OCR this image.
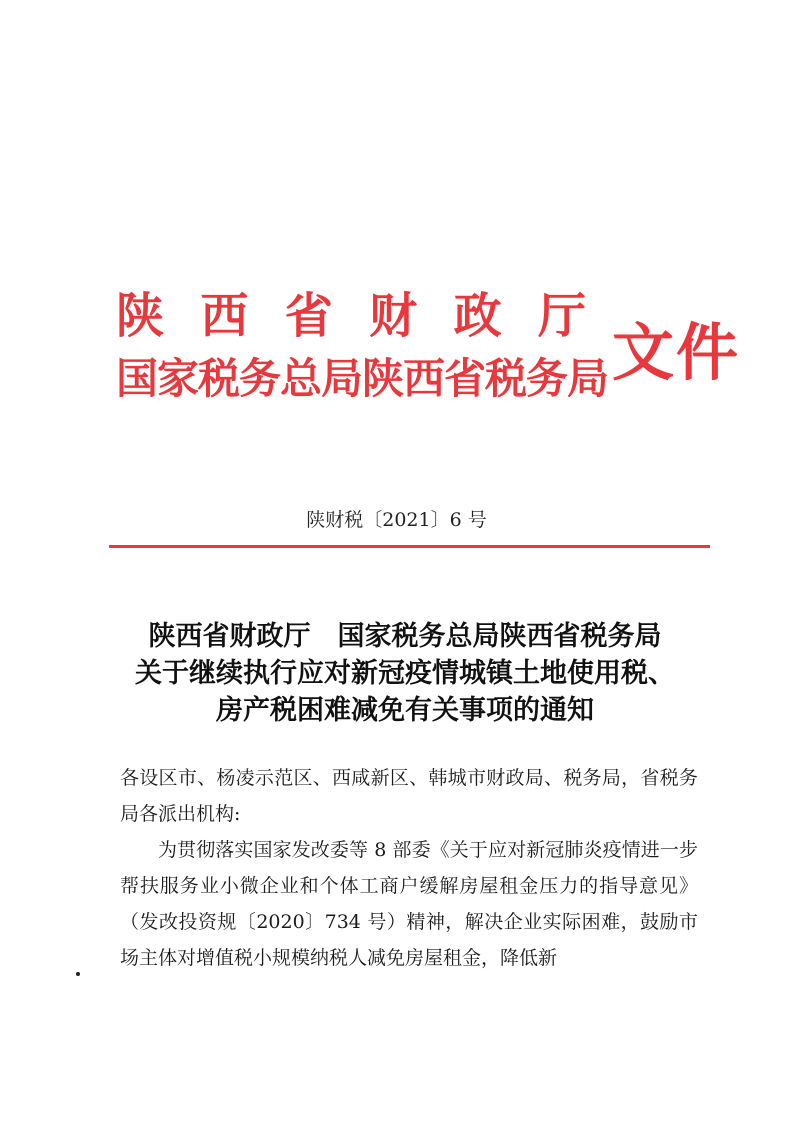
陕 西 省 财 政 厅
国家税务总局陕西省税务局 文件
陕财税〔2021〕6 号
陕西省财政厅　国家税务总局陕西省税务局
关于继续执行应对新冠疫情城镇土地使用税、
房产税困难减免有关事项的通知

各设区市、杨凌示范区、西咸新区、韩城市财政局、税务局，省税务局各派出机构:

为贯彻落实国家发改委等 8 部委《关于应对新冠肺炎疫情进一步帮扶服务业小微企业和个体工商户缓解房屋租金压力的指导意见》（发改投资规〔2020〕734 号）精神，解决企业实际困难，鼓励市场主体对增值税小规模纳税人减免房屋租金，降低新
